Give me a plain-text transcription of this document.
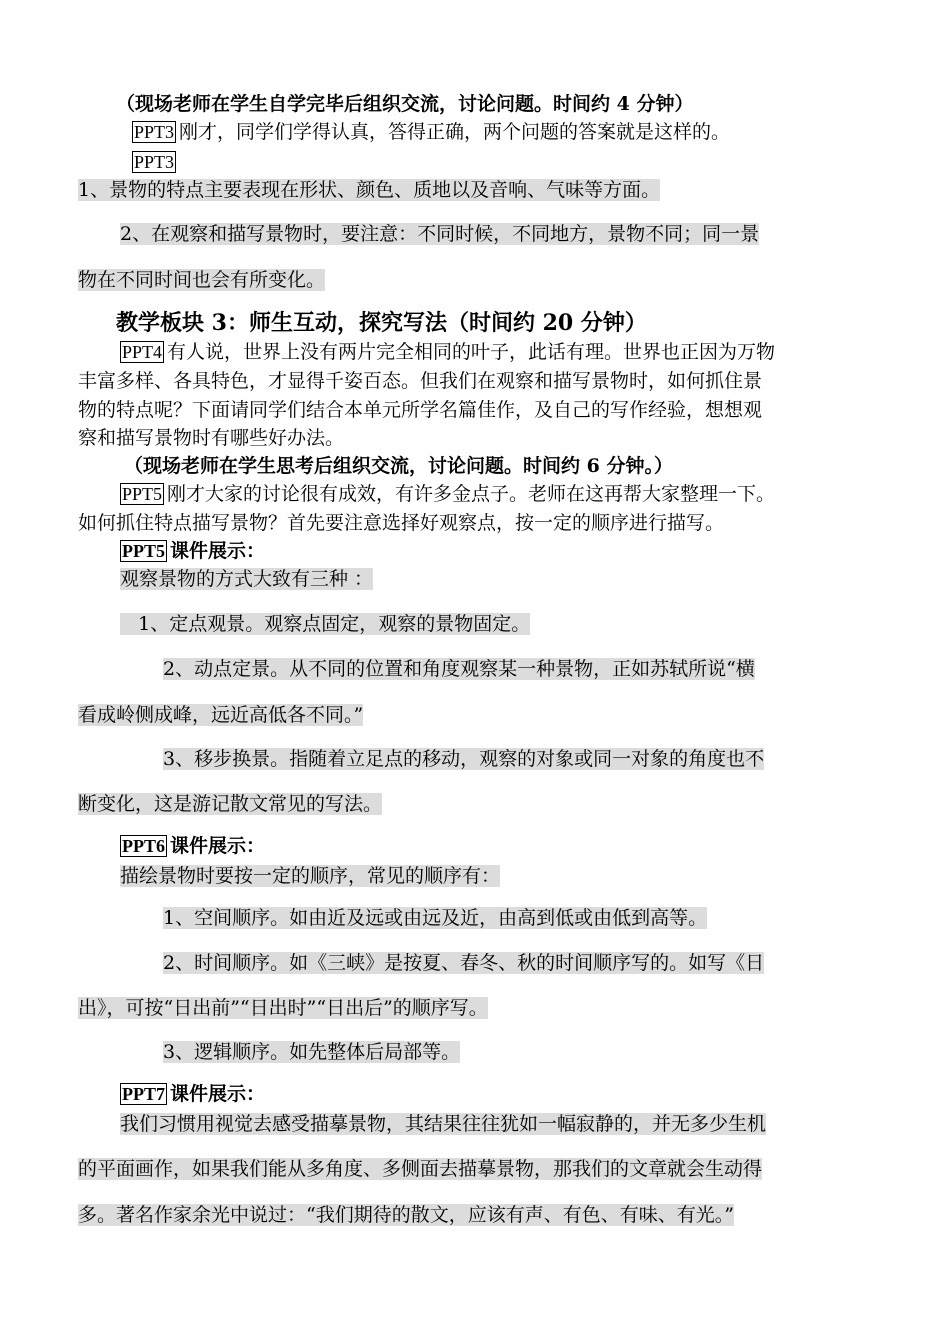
（现场老师在学生自学完毕后组织交流，讨论问题。时间约 4 分钟）
PPT3 刚才，同学们学得认真，答得正确，两个问题的答案就是这样的。
PPT3
1、景物的特点主要表现在形状、颜色、质地以及音响、气味等方面。
2、在观察和描写景物时，要注意：不同时候，不同地方，景物不同；同一景
物在不同时间也会有所变化。
教学板块 3：师生互动，探究写法（时间约 20 分钟）
PPT4 有人说，世界上没有两片完全相同的叶子，此话有理。世界也正因为万物
丰富多样、各具特色，才显得千姿百态。但我们在观察和描写景物时，如何抓住景
物的特点呢？下面请同学们结合本单元所学名篇佳作，及自己的写作经验，想想观
察和描写景物时有哪些好办法。
（现场老师在学生思考后组织交流，讨论问题。时间约 6 分钟。）
PPT5 刚才大家的讨论很有成效，有许多金点子。老师在这再帮大家整理一下。
如何抓住特点描写景物？首先要注意选择好观察点，按一定的顺序进行描写。
PPT5 课件展示：
观察景物的方式大致有三种 ：
1、定点观景。观察点固定，观察的景物固定。
2、动点定景。从不同的位置和角度观察某一种景物，正如苏轼所说“横
看成岭侧成峰，远近高低各不同。”
3、移步换景。指随着立足点的移动，观察的对象或同一对象的角度也不
断变化，这是游记散文常见的写法。
PPT6 课件展示：
描绘景物时要按一定的顺序，常见的顺序有：
1、空间顺序。如由近及远或由远及近，由高到低或由低到高等。
2、时间顺序。如《三峡》是按夏、春冬、秋的时间顺序写的。如写《日
出》，可按“日出前”“日出时”“日出后”的顺序写。
3、逻辑顺序。如先整体后局部等。
PPT7 课件展示：
我们习惯用视觉去感受描摹景物，其结果往往犹如一幅寂静的，并无多少生机
的平面画作，如果我们能从多角度、多侧面去描摹景物，那我们的文章就会生动得
多。著名作家余光中说过：“我们期待的散文，应该有声、有色、有味、有光。”
